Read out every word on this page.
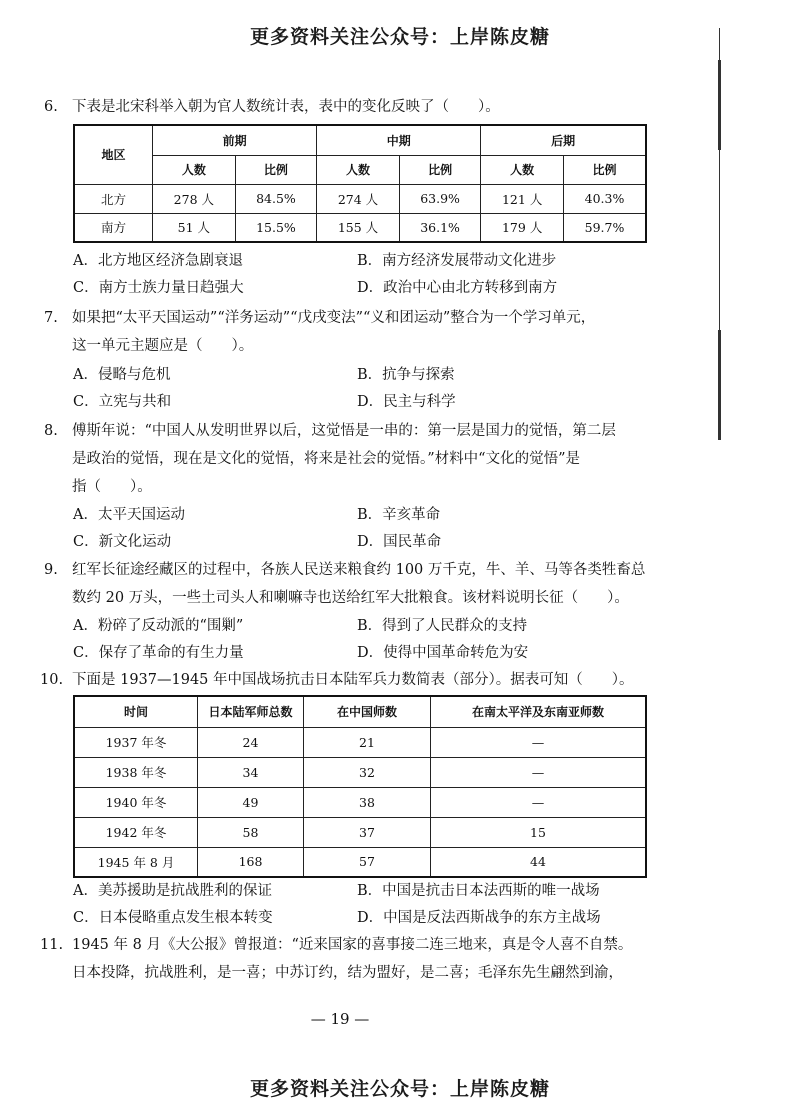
更多资料关注公众号：上岸陈皮糖
6. 下表是北宋科举入朝为官人数统计表，表中的变化反映了（　　）。
地区	前期		中期		后期	
	人数	比例	人数	比例	人数	比例
北方	278 人	84.5%	274 人	63.9%	121 人	40.3%
南方	51 人	15.5%	155 人	36.1%	179 人	59.7%
A．北方地区经济急剧衰退	B．南方经济发展带动文化进步
C．南方士族力量日趋强大	D．政治中心由北方转移到南方
7. 如果把“太平天国运动”“洋务运动”“戊戌变法”“义和团运动”整合为一个学习单元，
这一单元主题应是（　　）。
A．侵略与危机	B．抗争与探索
C．立宪与共和	D．民主与科学
8. 傅斯年说：“中国人从发明世界以后，这觉悟是一串的：第一层是国力的觉悟，第二层
是政治的觉悟，现在是文化的觉悟，将来是社会的觉悟。”材料中“文化的觉悟”是
指（　　）。
A．太平天国运动	B．辛亥革命
C．新文化运动	D．国民革命
9. 红军长征途经藏区的过程中，各族人民送来粮食约 100 万千克，牛、羊、马等各类牲畜总
数约 20 万头，一些土司头人和喇嘛寺也送给红军大批粮食。该材料说明长征（　　）。
A．粉碎了反动派的“围剿”	B．得到了人民群众的支持
C．保存了革命的有生力量	D．使得中国革命转危为安
10. 下面是 1937—1945 年中国战场抗击日本陆军兵力数简表（部分）。据表可知（　　）。
时间	日本陆军师总数	在中国师数	在南太平洋及东南亚师数
1937 年冬	24	21	—
1938 年冬	34	32	—
1940 年冬	49	38	—
1942 年冬	58	37	15
1945 年 8 月	168	57	44
A．美苏援助是抗战胜利的保证	B．中国是抗击日本法西斯的唯一战场
C．日本侵略重点发生根本转变	D．中国是反法西斯战争的东方主战场
11. 1945 年 8 月《大公报》曾报道：“近来国家的喜事接二连三地来，真是令人喜不自禁。
日本投降，抗战胜利，是一喜；中苏订约，结为盟好，是二喜；毛泽东先生翩然到渝，
— 19 —
更多资料关注公众号：上岸陈皮糖
